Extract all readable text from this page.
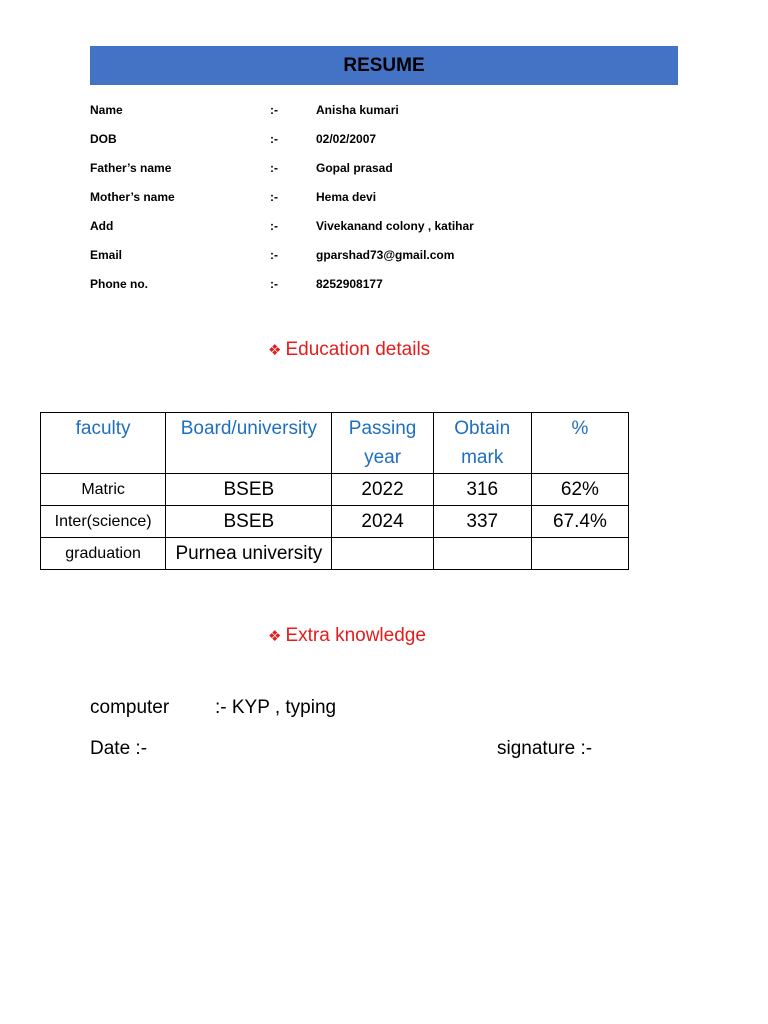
RESUME
Name	:-	Anisha kumari
DOB	:-	02/02/2007
Father’s name	:-	Gopal prasad
Mother’s name	:-	Hema devi
Add	:-	Vivekanand colony , katihar
Email	:-	gparshad73@gmail.com
Phone no.	:-	8252908177
❖ Education details
faculty	Board/university	Passing year	Obtain mark	%
Matric	BSEB	2022	316	62%
Inter(science)	BSEB	2024	337	67.4%
graduation	Purnea university			
❖ Extra knowledge
computer :- KYP , typing
Date :-	signature :-
